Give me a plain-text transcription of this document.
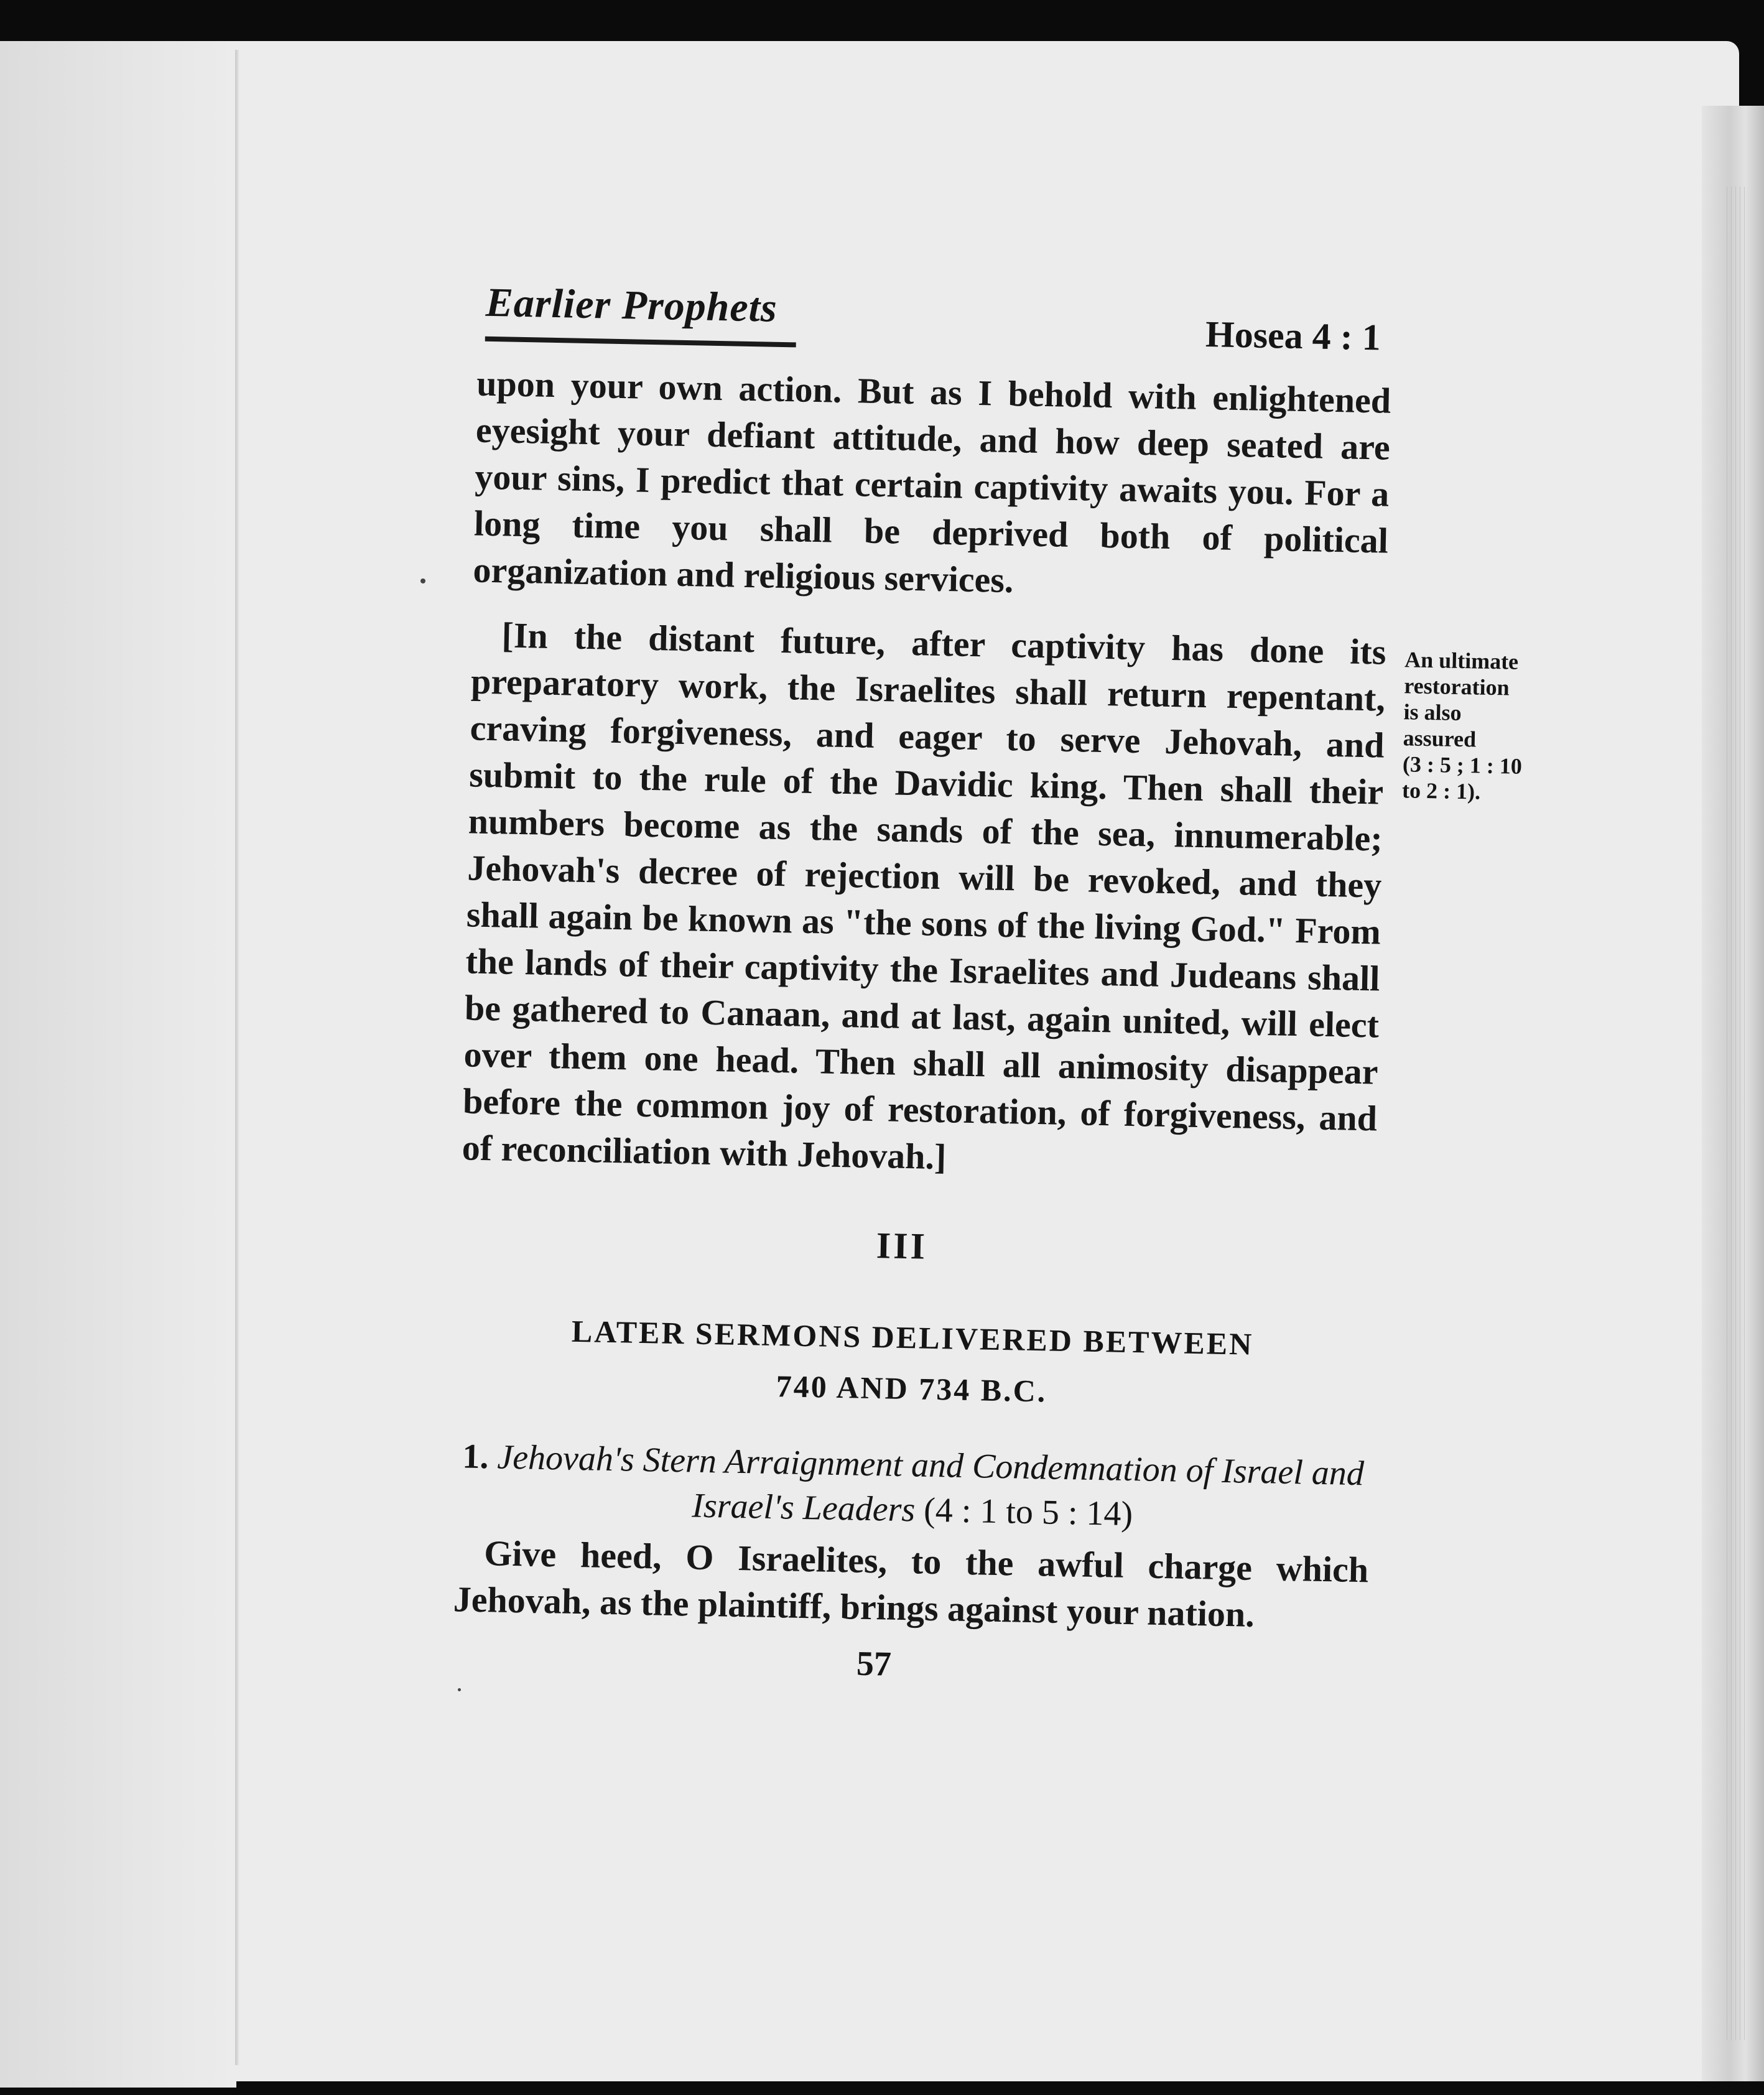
Earlier Prophets
Hosea 4 : 1
upon your own action. But as I behold with enlightened eyesight your defiant attitude, and how deep seated are your sins, I predict that certain captivity awaits you. For a long time you shall be deprived both of political organization and religious services.
[In the distant future, after captivity has done its preparatory work, the Israelites shall return repentant, craving forgiveness, and eager to serve Jehovah, and submit to the rule of the Davidic king. Then shall their numbers become as the sands of the sea, innumerable; Jehovah's decree of rejection will be revoked, and they shall again be known as "the sons of the living God." From the lands of their captivity the Israelites and Judeans shall be gathered to Canaan, and at last, again united, will elect over them one head. Then shall all animosity disappear before the common joy of restoration, of forgiveness, and of reconciliation with Jehovah.]
An ultimate
restoration
is also
assured
(3 : 5 ; 1 : 10
to 2 : 1).
III
LATER SERMONS DELIVERED BETWEEN
740 AND 734 B.C.
1. Jehovah's Stern Arraignment and Condemnation of Israel and Israel's Leaders (4 : 1 to 5 : 14)
Give heed, O Israelites, to the awful charge which Jehovah, as the plaintiff, brings against your nation.
57
